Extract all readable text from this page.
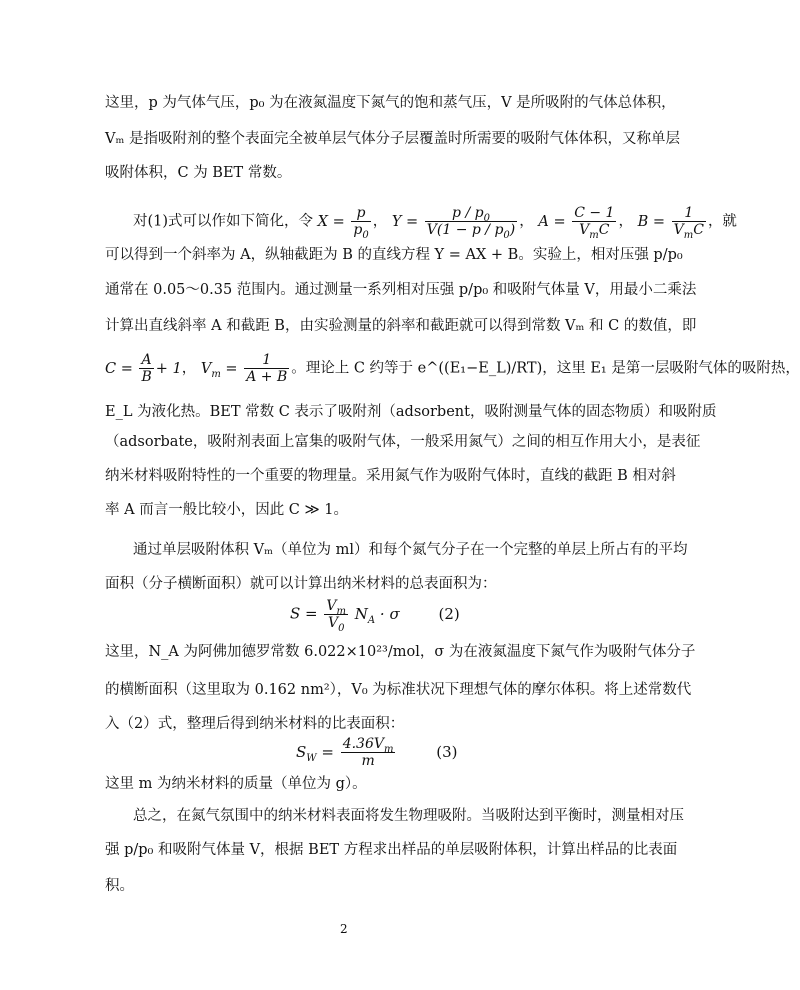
这里，p 为气体气压，p₀ 为在液氮温度下氮气的饱和蒸气压，V 是所吸附的气体总体积，
Vₘ 是指吸附剂的整个表面完全被单层气体分子层覆盖时所需要的吸附气体体积，又称单层
吸附体积，C 为 BET 常数。
对(1)式可以作如下简化，令 $X = \frac{p}{p_0}$ ， $Y = \frac{p / p_0}{V(1 - p / p_0)}$ ， $A = \frac{C - 1}{V_mC}$ ， $B = \frac{1}{V_mC}$ ，就
可以得到一个斜率为 A，纵轴截距为 B 的直线方程 Y = AX + B。实验上，相对压强 p/p₀
通常在 0.05～0.35 范围内。通过测量一系列相对压强 p/p₀ 和吸附气体量 V，用最小二乘法
计算出直线斜率 A 和截距 B，由实验测量的斜率和截距就可以得到常数 Vₘ 和 C 的数值，即
$C = \frac{A}{B} + 1$， $V_m = \frac{1}{A + B}$ 。理论上 C 约等于 e^((E₁−E_L)/RT)，这里 E₁ 是第一层吸附气体的吸附热，
E_L 为液化热。BET 常数 C 表示了吸附剂（adsorbent，吸附测量气体的固态物质）和吸附质
（adsorbate，吸附剂表面上富集的吸附气体，一般采用氮气）之间的相互作用大小，是表征
纳米材料吸附特性的一个重要的物理量。采用氮气作为吸附气体时，直线的截距 B 相对斜
率 A 而言一般比较小，因此 C ≫ 1。
通过单层吸附体积 Vₘ（单位为 ml）和每个氮气分子在一个完整的单层上所占有的平均
面积（分子横断面积）就可以计算出纳米材料的总表面积为：
$S = \frac{V_m}{V_0} N_A \cdot \sigma$	(2)
这里，N_A 为阿佛加德罗常数 6.022×10²³/mol，σ 为在液氮温度下氮气作为吸附气体分子
的横断面积（这里取为 0.162 nm²），V₀ 为标准状况下理想气体的摩尔体积。将上述常数代
入（2）式，整理后得到纳米材料的比表面积：
$S_W = \frac{4.36V_m}{m}$	(3)
这里 m 为纳米材料的质量（单位为 g）。
总之，在氮气氛围中的纳米材料表面将发生物理吸附。当吸附达到平衡时，测量相对压
强 p/p₀ 和吸附气体量 V，根据 BET 方程求出样品的单层吸附体积，计算出样品的比表面
积。
2
